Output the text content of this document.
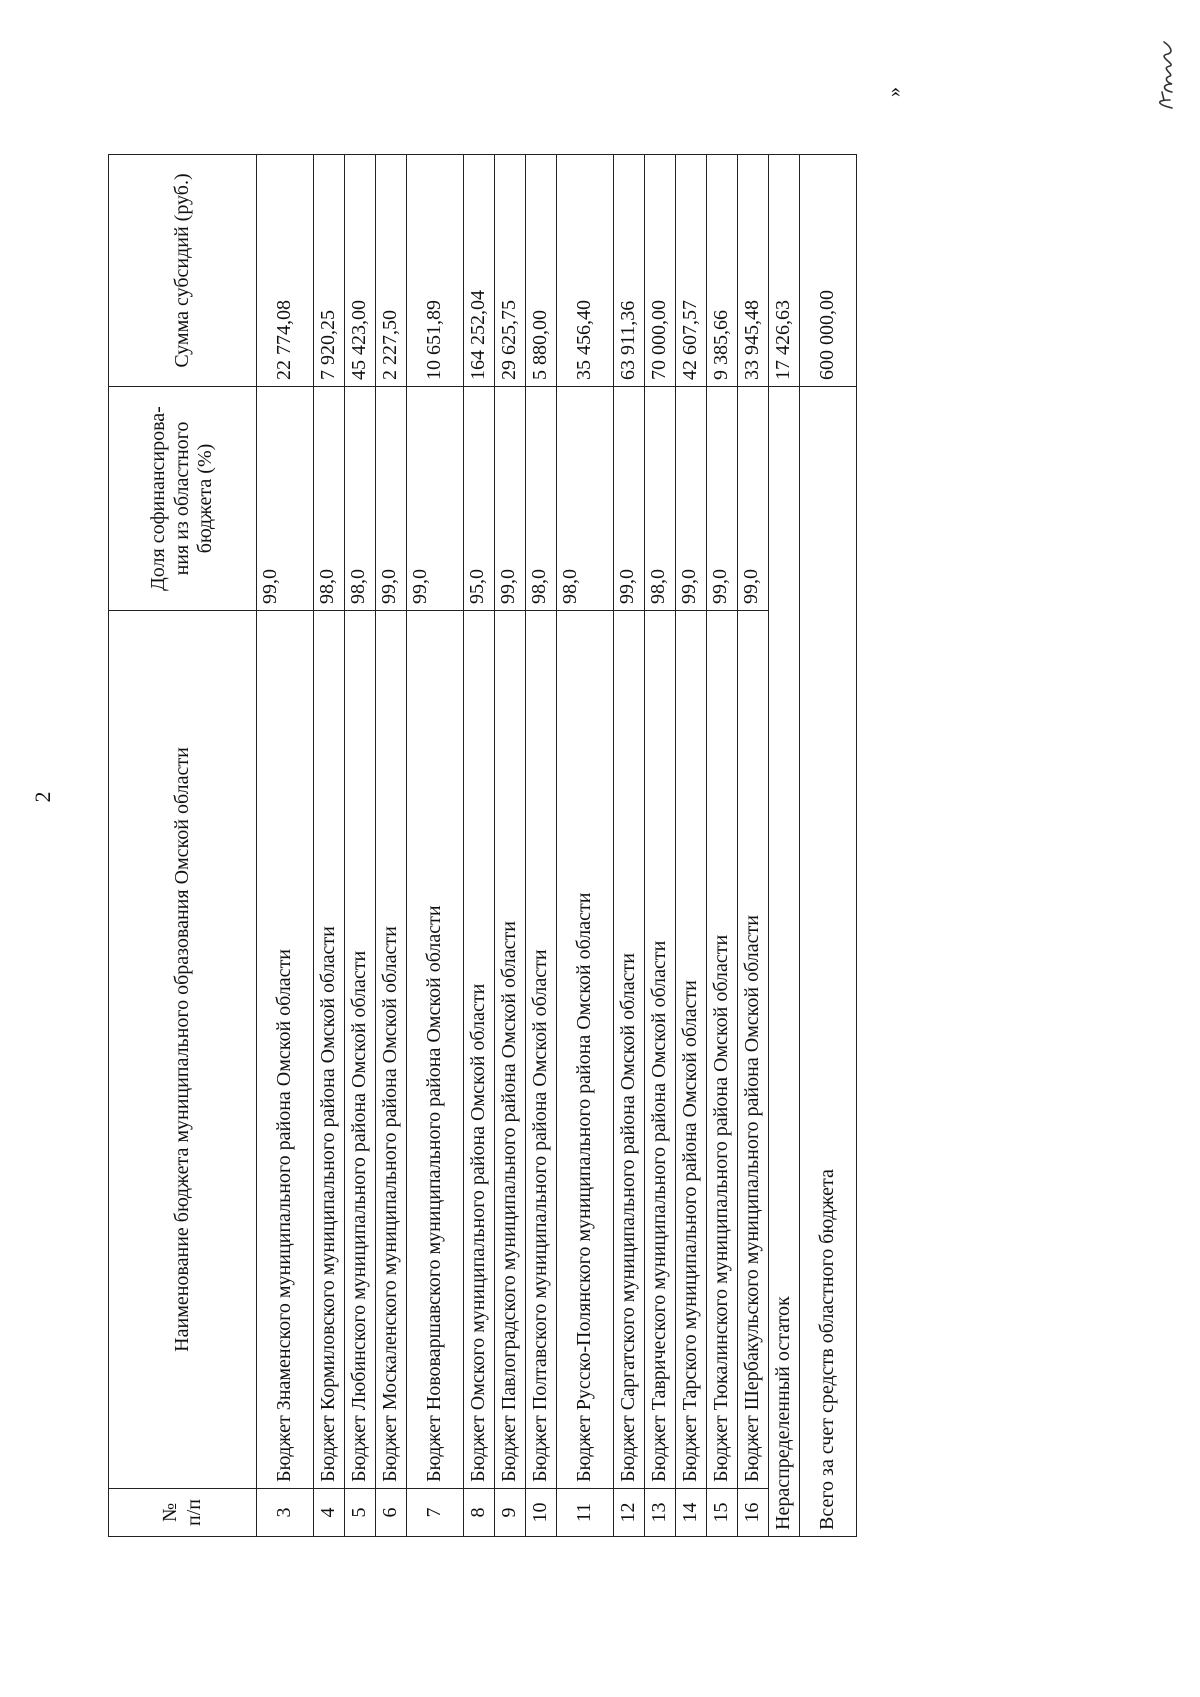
2
№ п/п	Наименование бюджета муниципального образования Омской области	Доля софинансирова-ния из областного бюджета (%)	Сумма субсидий (руб.)
3	Бюджет Знаменского муниципального района Омской области	99,0	22 774,08
4	Бюджет Кормиловского муниципального района Омской области	98,0	7 920,25
5	Бюджет Любинского муниципального района Омской области	98,0	45 423,00
6	Бюджет Москаленского муниципального района Омской области	99,0	2 227,50
7	Бюджет Нововаршавского муниципального района Омской области	99,0	10 651,89
8	Бюджет Омского муниципального района Омской области	95,0	164 252,04
9	Бюджет Павлоградского муниципального района Омской области	99,0	29 625,75
10	Бюджет Полтавского муниципального района Омской области	98,0	5 880,00
11	Бюджет Русско-Полянского муниципального района Омской области	98,0	35 456,40
12	Бюджет Саргатского муниципального района Омской области	99,0	63 911,36
13	Бюджет Таврического муниципального района Омской области	98,0	70 000,00
14	Бюджет Тарского муниципального района Омской области	99,0	42 607,57
15	Бюджет Тюкалинского муниципального района Омской области	99,0	9 385,66
16	Бюджет Шербакульского муниципального района Омской области	99,0	33 945,48
Нераспределенный остаток			17 426,63
Всего за счет средств областного бюджета			600 000,00
»
